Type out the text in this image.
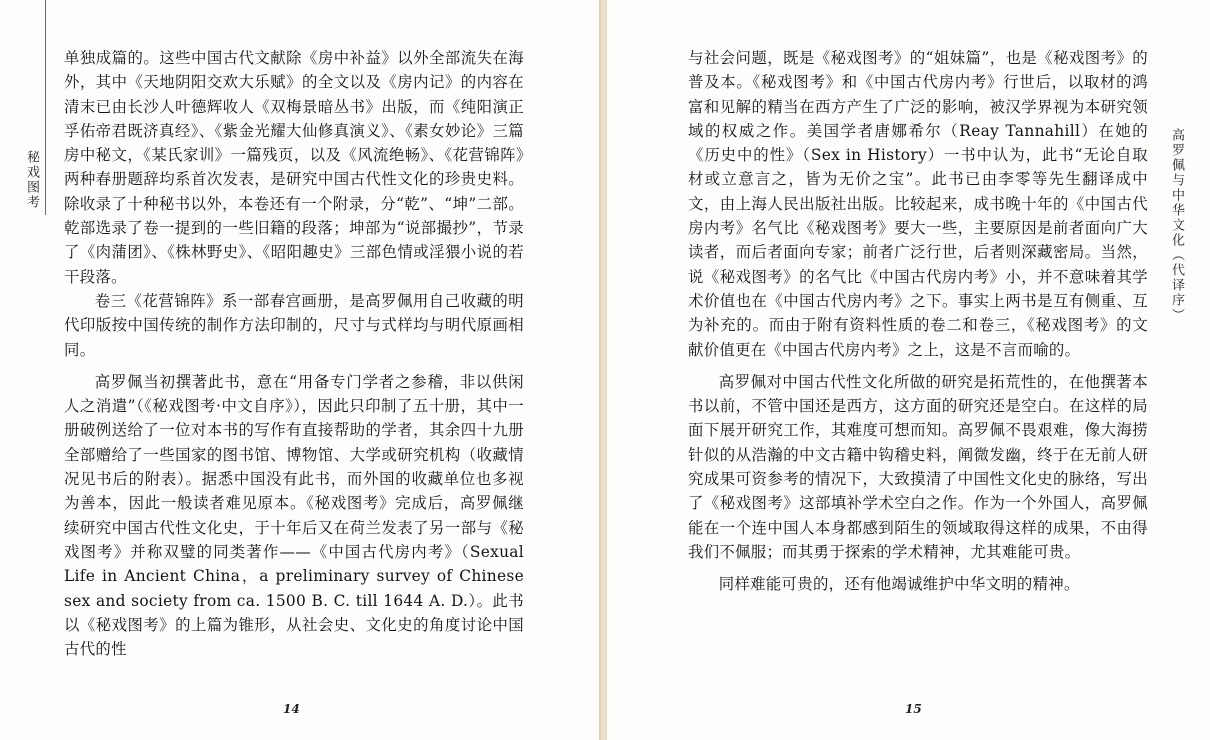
秘戏图考

单独成篇的。这些中国古代文献除《房中补益》以外全部流失在海外，其中《天地阴阳交欢大乐赋》的全文以及《房内记》的内容在清末已由长沙人叶德辉收人《双梅景暗丛书》出版，而《纯阳演正孚佑帝君既济真经》、《紫金光耀大仙修真演义》、《素女妙论》三篇房中秘文，《某氏家训》一篇残页，以及《风流绝畅》、《花营锦阵》两种春册题辞均系首次发表，是研究中国古代性文化的珍贵史料。除收录了十种秘书以外，本卷还有一个附录，分“乾”、“坤”二部。乾部选录了卷一提到的一些旧籍的段落；坤部为“说部撮抄”，节录了《肉蒲团》、《株林野史》、《昭阳趣史》三部色情或淫猥小说的若干段落。

卷三《花营锦阵》系一部春宫画册，是高罗佩用自己收藏的明代印版按中国传统的制作方法印制的，尺寸与式样均与明代原画相同。

高罗佩当初撰著此书，意在“用备专门学者之参稽，非以供闲人之消遣”（《秘戏图考·中文自序》），因此只印制了五十册，其中一册破例送给了一位对本书的写作有直接帮助的学者，其余四十九册全部赠给了一些国家的图书馆、博物馆、大学或研究机构（收藏情况见书后的附表）。据悉中国没有此书，而外国的收藏单位也多视为善本，因此一般读者难见原本。《秘戏图考》完成后，高罗佩继续研究中国古代性文化史，于十年后又在荷兰发表了另一部与《秘戏图考》并称双璧的同类著作——《中国古代房内考》（Sexual Life in Ancient China，a preliminary survey of Chinese sex and society from ca. 1500 B. C. till 1644 A. D.）。此书以《秘戏图考》的上篇为锥形，从社会史、文化史的角度讨论中国古代的性

14
高罗佩与中华文化（代译序）

与社会问题，既是《秘戏图考》的“姐妹篇”，也是《秘戏图考》的普及本。《秘戏图考》和《中国古代房内考》行世后，以取材的鸿富和见解的精当在西方产生了广泛的影响，被汉学界视为本研究领域的权威之作。美国学者唐娜希尔（Reay Tannahill）在她的《历史中的性》（Sex in History）一书中认为，此书“无论自取材或立意言之，皆为无价之宝”。此书已由李零等先生翻译成中文，由上海人民出版社出版。比较起来，成书晚十年的《中国古代房内考》名气比《秘戏图考》要大一些，主要原因是前者面向广大读者，而后者面向专家；前者广泛行世，后者则深藏密局。当然，说《秘戏图考》的名气比《中国古代房内考》小，并不意味着其学术价值也在《中国古代房内考》之下。事实上两书是互有侧重、互为补充的。而由于附有资料性质的卷二和卷三，《秘戏图考》的文献价值更在《中国古代房内考》之上，这是不言而喻的。

高罗佩对中国古代性文化所做的研究是拓荒性的，在他撰著本书以前，不管中国还是西方，这方面的研究还是空白。在这样的局面下展开研究工作，其难度可想而知。高罗佩不畏艰难，像大海捞针似的从浩瀚的中文古籍中钩稽史料，阐微发幽，终于在无前人研究成果可资参考的情况下，大致摸清了中国性文化史的脉络，写出了《秘戏图考》这部填补学术空白之作。作为一个外国人，高罗佩能在一个连中国人本身都感到陌生的领域取得这样的成果，不由得我们不佩服；而其勇于探索的学术精神，尤其难能可贵。

同样难能可贵的，还有他竭诚维护中华文明的精神。

15
